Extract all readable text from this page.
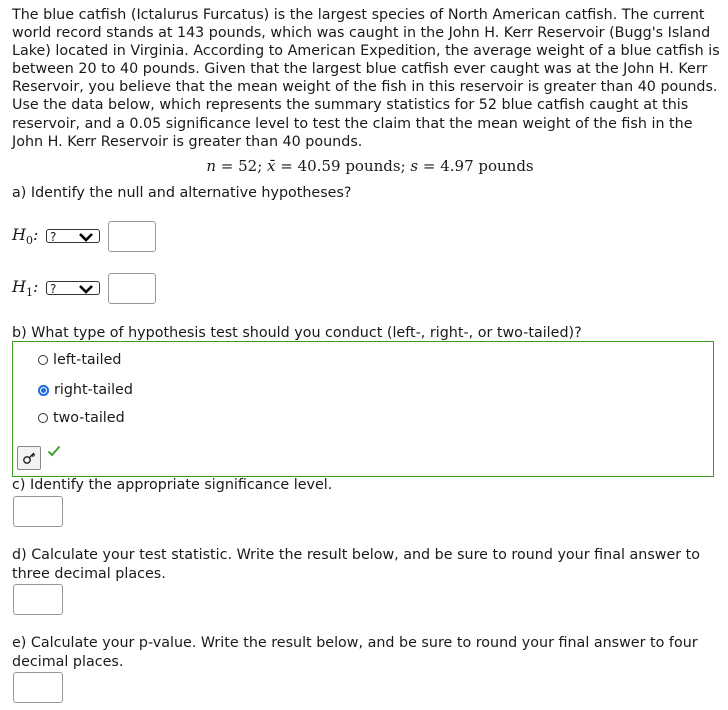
The blue catfish (Ictalurus Furcatus) is the largest species of North American catfish. The current world record stands at 143 pounds, which was caught in the John H. Kerr Reservoir (Bugg's Island Lake) located in Virginia. According to American Expedition, the average weight of a blue catfish is between 20 to 40 pounds. Given that the largest blue catfish ever caught was at the John H. Kerr Reservoir, you believe that the mean weight of the fish in this reservoir is greater than 40 pounds. Use the data below, which represents the summary statistics for 52 blue catfish caught at this reservoir, and a 0.05 significance level to test the claim that the mean weight of the fish in the John H. Kerr Reservoir is greater than 40 pounds.

n = 52; x̄ = 40.59 pounds; s = 4.97 pounds

a) Identify the null and alternative hypotheses?

$H_0$: ?
$H_1$: ?

b) What type of hypothesis test should you conduct (left-, right-, or two-tailed)?

left-tailed
right-tailed
two-tailed

c) Identify the appropriate significance level.

d) Calculate your test statistic. Write the result below, and be sure to round your final answer to three decimal places.

e) Calculate your p-value. Write the result below, and be sure to round your final answer to four decimal places.
